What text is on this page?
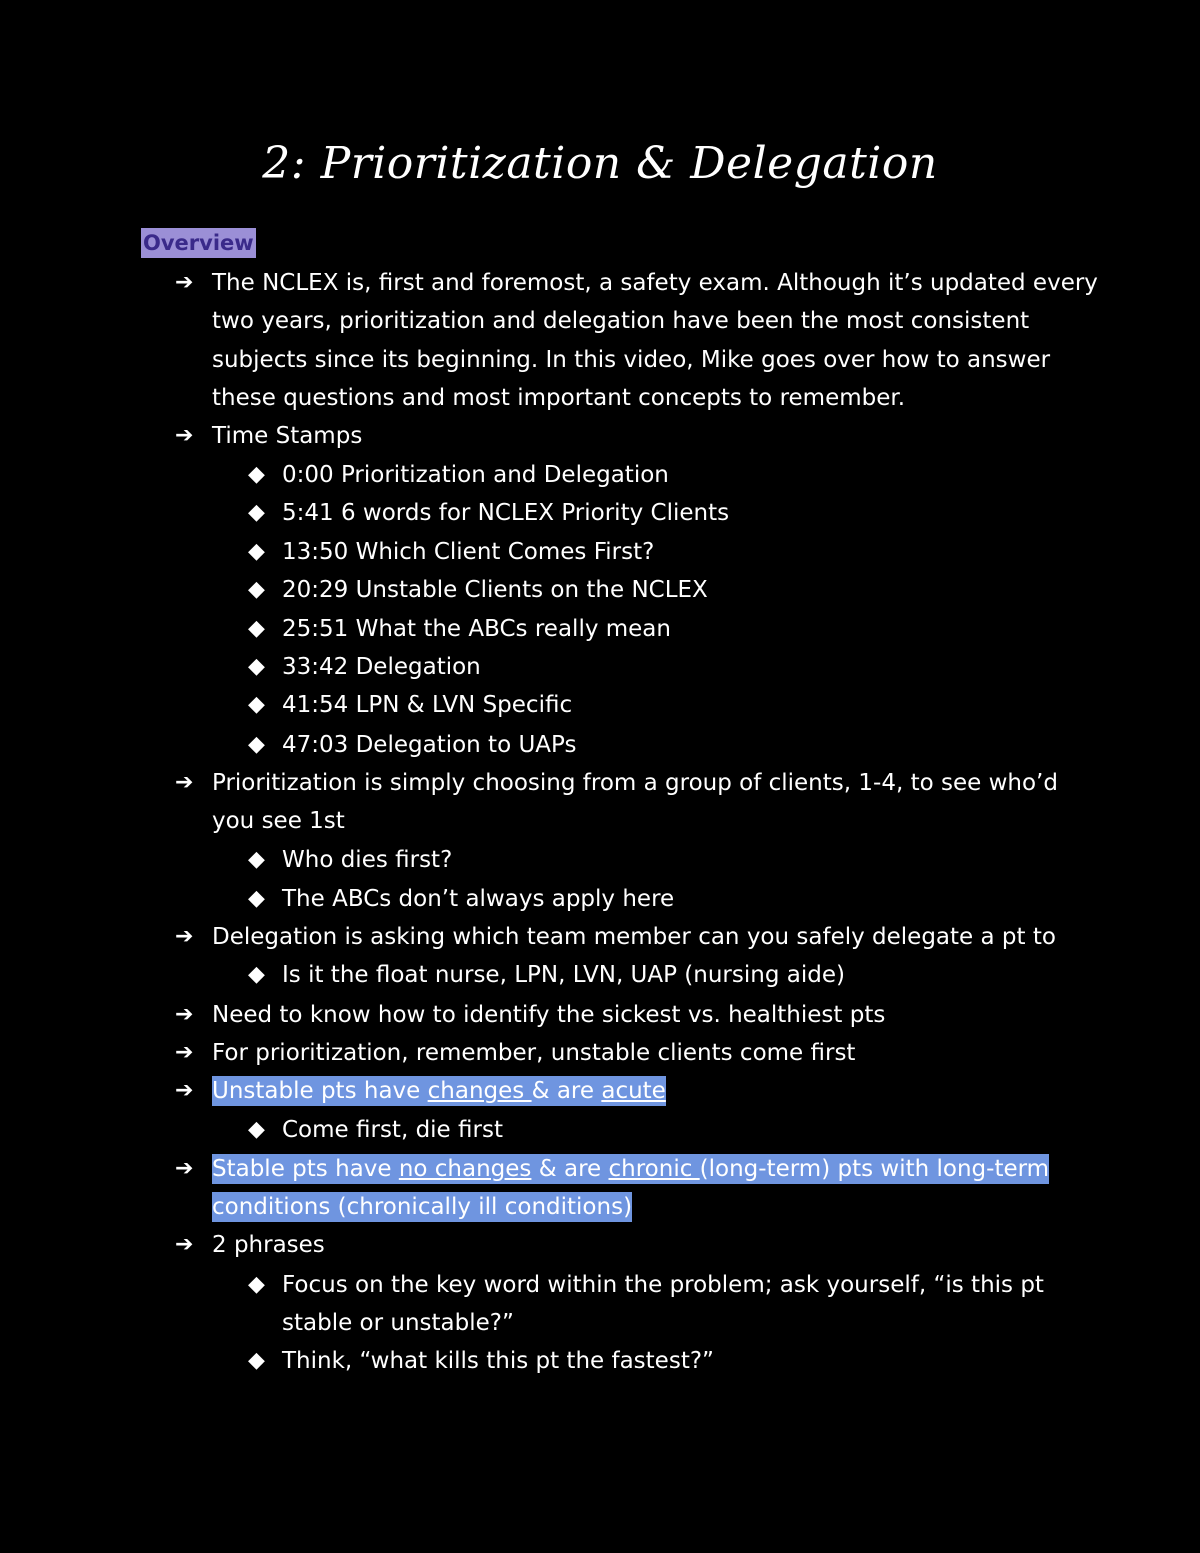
2: Prioritization & Delegation
Overview
➔ The NCLEX is, first and foremost, a safety exam. Although it’s updated every
two years, prioritization and delegation have been the most consistent
subjects since its beginning. In this video, Mike goes over how to answer
these questions and most important concepts to remember.
➔ Time Stamps
◆ 0:00 Prioritization and Delegation
◆ 5:41 6 words for NCLEX Priority Clients
◆ 13:50 Which Client Comes First?
◆ 20:29 Unstable Clients on the NCLEX
◆ 25:51 What the ABCs really mean
◆ 33:42 Delegation
◆ 41:54 LPN & LVN Specific
◆ 47:03 Delegation to UAPs
➔ Prioritization is simply choosing from a group of clients, 1-4, to see who’d
you see 1st
◆ Who dies first?
◆ The ABCs don’t always apply here
➔ Delegation is asking which team member can you safely delegate a pt to
◆ Is it the float nurse, LPN, LVN, UAP (nursing aide)
➔ Need to know how to identify the sickest vs. healthiest pts
➔ For prioritization, remember, unstable clients come first
➔ Unstable pts have changes & are acute
◆ Come first, die first
➔ Stable pts have no changes & are chronic (long-term) pts with long-term
conditions (chronically ill conditions)
➔ 2 phrases
◆ Focus on the key word within the problem; ask yourself, “is this pt
stable or unstable?”
◆ Think, “what kills this pt the fastest?”
